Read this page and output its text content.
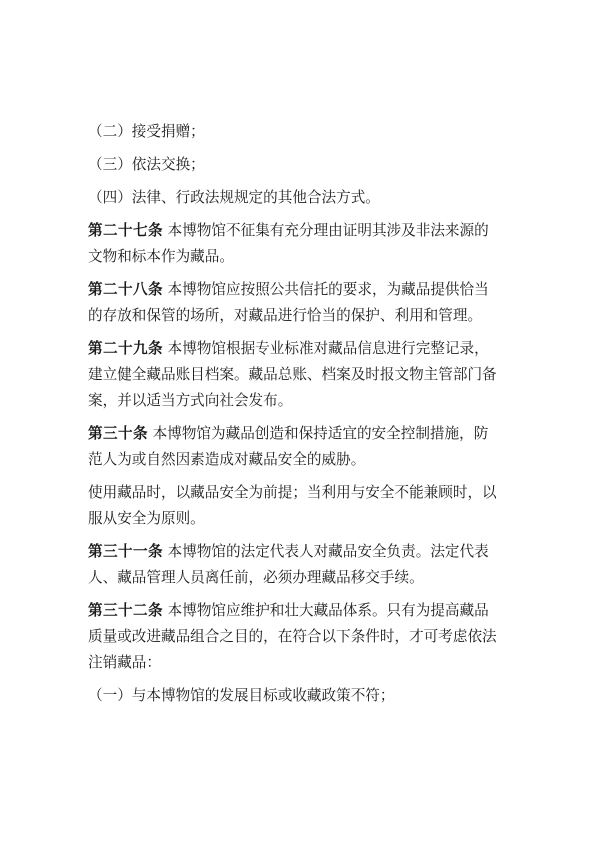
（二）接受捐赠；
（三）依法交换；
（四）法律、行政法规规定的其他合法方式。
第二十七条 本博物馆不征集有充分理由证明其涉及非法来源的
文物和标本作为藏品。
第二十八条 本博物馆应按照公共信托的要求，为藏品提供恰当
的存放和保管的场所，对藏品进行恰当的保护、利用和管理。
第二十九条 本博物馆根据专业标准对藏品信息进行完整记录，
建立健全藏品账目档案。藏品总账、档案及时报文物主管部门备
案，并以适当方式向社会发布。
第三十条 本博物馆为藏品创造和保持适宜的安全控制措施，防
范人为或自然因素造成对藏品安全的威胁。
使用藏品时，以藏品安全为前提；当利用与安全不能兼顾时，以
服从安全为原则。
第三十一条 本博物馆的法定代表人对藏品安全负责。法定代表
人、藏品管理人员离任前，必须办理藏品移交手续。
第三十二条 本博物馆应维护和壮大藏品体系。只有为提高藏品
质量或改进藏品组合之目的，在符合以下条件时，才可考虑依法
注销藏品：
（一）与本博物馆的发展目标或收藏政策不符；
